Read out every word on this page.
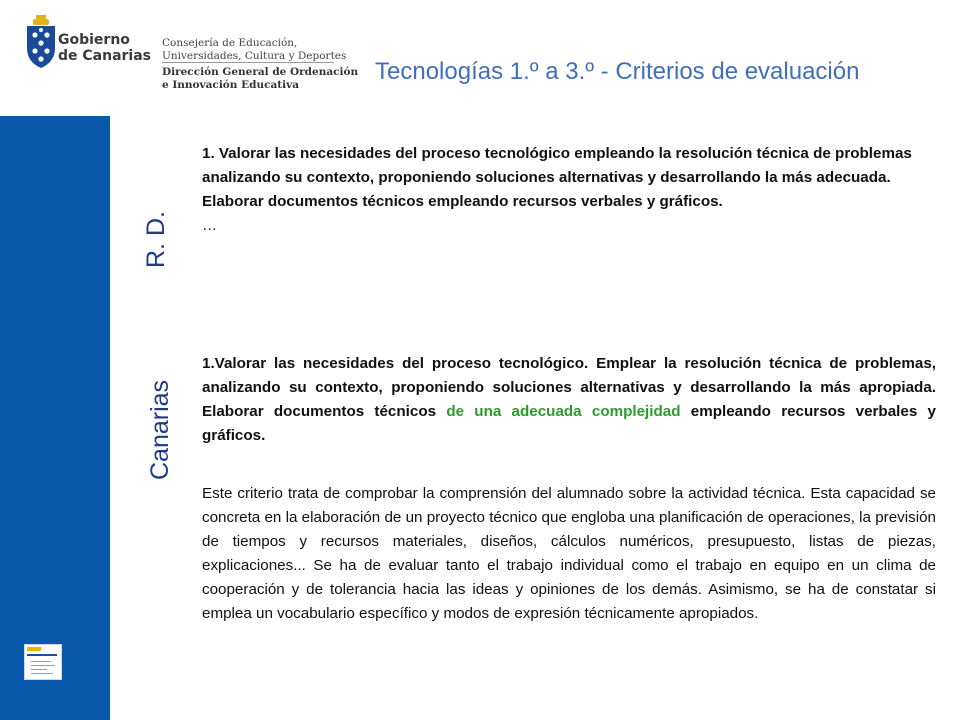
Gobierno
de Canarias
Consejería de Educación,
Universidades, Cultura y Deportes
Dirección General de Ordenación
e Innovación Educativa	Tecnologías 1.º a 3.º - Criterios de evaluación
R. D.
Canarias
1. Valorar las necesidades del proceso tecnológico empleando la resolución técnica de problemas analizando su contexto, proponiendo soluciones alternativas y desarrollando la más adecuada. Elaborar documentos técnicos empleando recursos verbales y gráficos.
…
1.Valorar las necesidades del proceso tecnológico. Emplear la resolución técnica de problemas, analizando su contexto, proponiendo soluciones alternativas y desarrollando la más apropiada. Elaborar documentos técnicos de una adecuada complejidad empleando recursos verbales y gráficos.
Este criterio trata de comprobar la comprensión del alumnado sobre la actividad técnica. Esta capacidad se concreta en la elaboración de un proyecto técnico que engloba una planificación de operaciones, la previsión de tiempos y recursos materiales, diseños, cálculos numéricos, presupuesto, listas de piezas, explicaciones... Se ha de evaluar tanto el trabajo individual como el trabajo en equipo en un clima de cooperación y de tolerancia hacia las ideas y opiniones de los demás. Asimismo, se ha de constatar si emplea un vocabulario específico y modos de expresión técnicamente apropiados.
